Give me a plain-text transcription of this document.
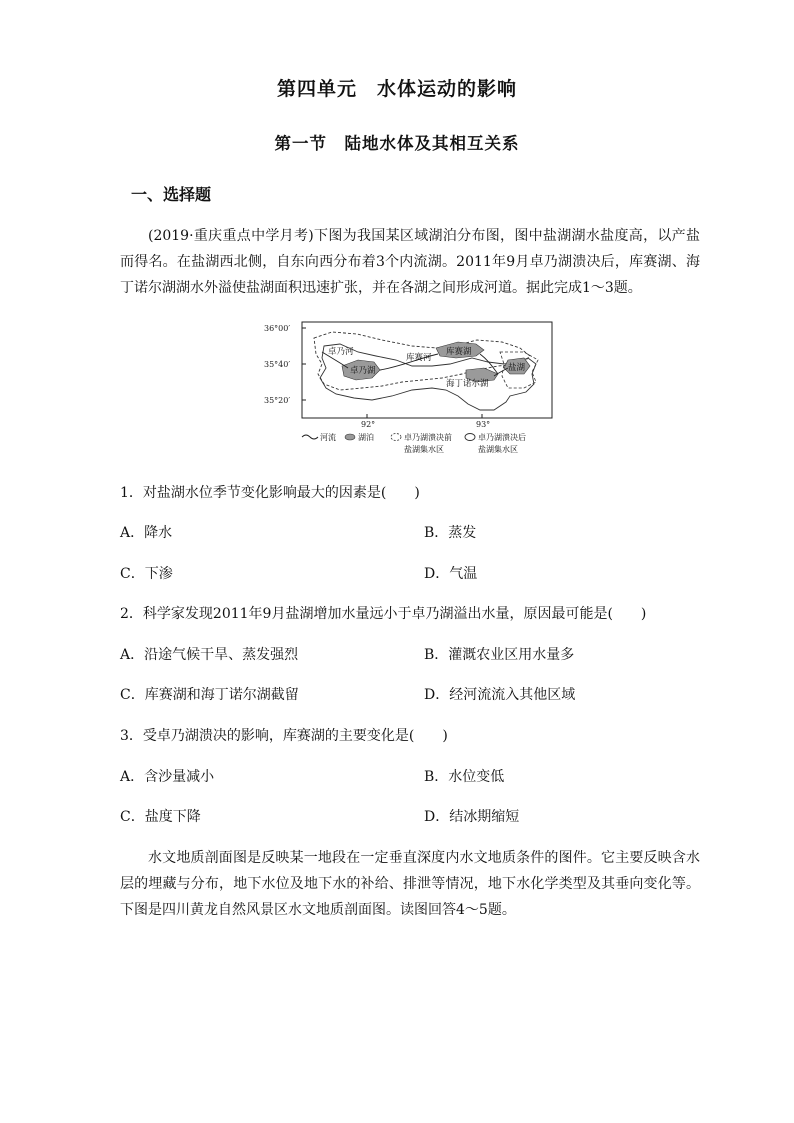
第四单元　水体运动的影响
第一节　陆地水体及其相互关系
一、选择题
(2019·重庆重点中学月考)下图为我国某区域湖泊分布图，图中盐湖湖水盐度高，以产盐而得名。在盐湖西北侧，自东向西分布着3个内流湖。2011年9月卓乃湖溃决后，库赛湖、海丁诺尔湖湖水外溢使盐湖面积迅速扩张，并在各湖之间形成河道。据此完成1～3题。
36°00′
35°40′
35°20′
92°	93°
卓乃河
卓乃湖
库赛河
库赛湖
海丁诺尔湖
盐湖
河流	湖泊	卓乃湖溃决前
盐湖集水区
卓乃湖溃决后
盐湖集水区
1．对盐湖水位季节变化影响最大的因素是(　　)
A．降水	B．蒸发
C．下渗	D．气温
2．科学家发现2011年9月盐湖增加水量远小于卓乃湖溢出水量，原因最可能是(　　)
A．沿途气候干旱、蒸发强烈	B．灌溉农业区用水量多
C．库赛湖和海丁诺尔湖截留	D．经河流流入其他区域
3．受卓乃湖溃决的影响，库赛湖的主要变化是(　　)
A．含沙量减小	B．水位变低
C．盐度下降	D．结冰期缩短
水文地质剖面图是反映某一地段在一定垂直深度内水文地质条件的图件。它主要反映含水层的埋藏与分布，地下水位及地下水的补给、排泄等情况，地下水化学类型及其垂向变化等。下图是四川黄龙自然风景区水文地质剖面图。读图回答4～5题。
